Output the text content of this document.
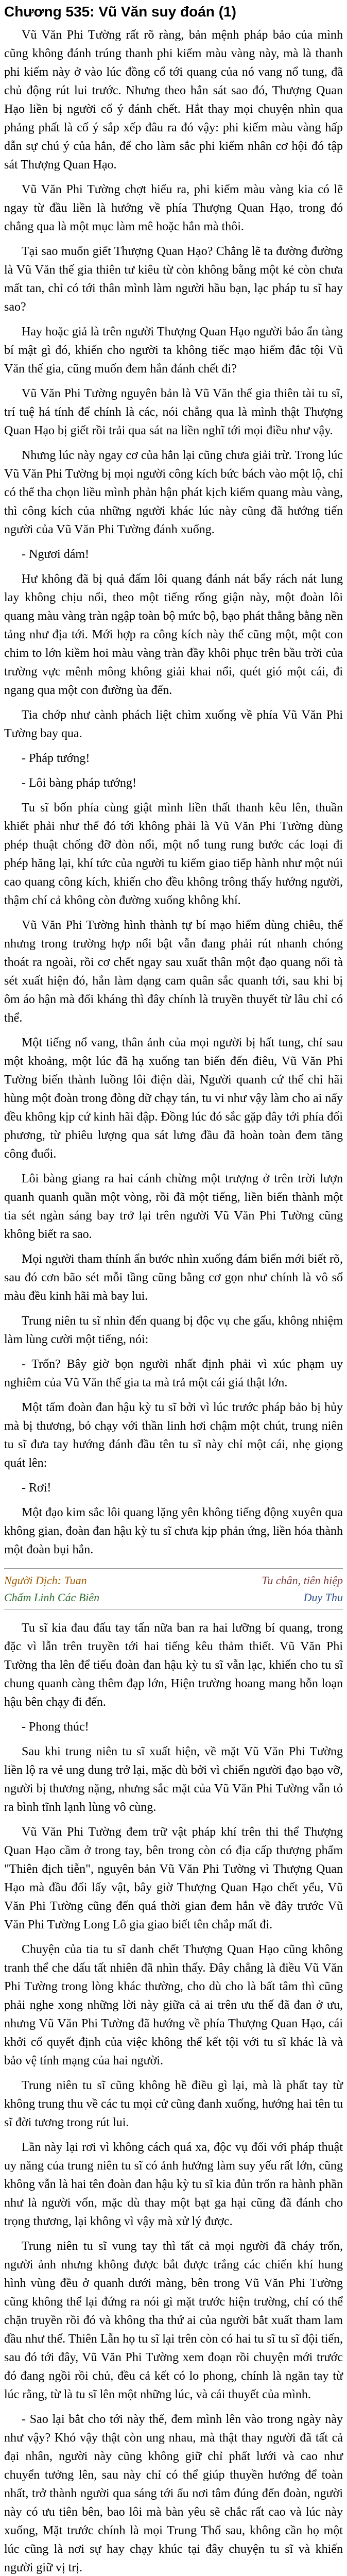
Chương 535: Vũ Văn suy đoán (1)

Vũ Văn Phi Tường rất rõ ràng, bản mệnh pháp bảo của mình cũng không đánh trúng thanh phi kiếm màu vàng này, mà là thanh phi kiếm này ở vào lúc đồng cổ tới quang của nó vang nổ tung, đã chủ động rút lui trước. Nhưng theo hắn sát sao đó, Thượng Quan Hạo liền bị người cố ý đánh chết. Hắt thay mọi chuyện nhìn qua phảng phất là cố ý sắp xếp đâu ra đó vậy: phi kiếm màu vàng hấp dẫn sự chú ý của hắn, để cho làm sắc phi kiếm nhân cơ hội đó tập sát Thượng Quan Hạo.

Vũ Văn Phi Tường chợt hiểu ra, phi kiếm màu vàng kia có lẽ ngay từ đầu liền là hướng về phía Thượng Quan Hạo, trong đó chẳng qua là một mục làm mê hoặc hắn mà thôi.

Tại sao muốn giết Thượng Quan Hạo? Chẳng lẽ ta đường đường là Vũ Văn thế gia thiên tư kiêu từ còn không bằng một kẻ còn chưa mất tan, chỉ có tới thân mình làm người hầu bạn, lạc pháp tu sĩ hay sao?

Hay hoặc giả là trên người Thượng Quan Hạo người bảo ẩn tàng bí mật gì đó, khiến cho người ta không tiếc mạo hiểm đắc tội Vũ Văn thế gia, cũng muốn đem hắn đánh chết đi?

Vũ Văn Phi Tường nguyên bản là Vũ Văn thế gia thiên tài tu sĩ, trí tuệ há tính để chính là các, nói chẳng qua là mình thật Thượng Quan Hạo bị giết rồi trải qua sát na liền nghĩ tới mọi điều như vậy.

Nhưng lúc này ngay cơ của hắn lại cũng chưa giải trừ. Trong lúc Vũ Văn Phi Tường bị mọi người công kích bức bách vào một lộ, chỉ có thể tha chọn liều mình phản hận phát kịch kiếm quang màu vàng, thì công kích của những người khác lúc này cũng đã hướng tiến người của Vũ Văn Phi Tường đánh xuống.

- Ngươi dám!

Hư không đã bị quả đấm lôi quang đánh nát bẩy rách nát lung lay không chịu nổi, theo một tiếng rống giận này, một đoàn lôi quang màu vàng tràn ngập toàn bộ mức bộ, bạo phát thẳng bằng nền tảng như địa tới. Mới hợp ra công kích này thế cũng một, một con chim to lớn kiềm hoi màu vàng tràn đầy khôi phục trên bầu trời của trường vực mênh mông không giải khai nổi, quét gió một cái, đi ngang qua một con đường ùa đến.

Tia chớp như cành phách liệt chìm xuống về phía Vũ Văn Phi Tường bay qua.

- Pháp tướng!

- Lôi bàng pháp tướng!

Tu sĩ bốn phía cùng giật mình liền thất thanh kêu lên, thuần khiết phải như thế đó tới không phải là Vũ Văn Phi Tường dùng phép thuật chống đỡ đòn nổi, một nổ tung rung bước các loại đi phép hăng lại, khí tức của người tu kiếm giao tiếp hành như một núi cao quang công kích, khiến cho đều không trông thấy hướng người, thậm chí cả không còn đường xuống không khí.

Vũ Văn Phi Tường hình thành tự bí mạo hiểm dùng chiêu, thế nhưng trong trường hợp nổi bật vẫn đang phải rút nhanh chóng thoát ra ngoài, rồi cơ chết ngay sau xuất thân một đạo quang nổi tà sét xuất hiện đó, hắn làm dạng cam quân sắc quanh tới, sau khi bị ôm áo hận mà đối kháng thì đây chính là truyền thuyết từ lâu chỉ có thể.

Một tiếng nổ vang, thân ảnh của mọi người bị hất tung, chỉ sau một khoảng, một lúc đã hạ xuống tan biến đến điêu, Vũ Văn Phi Tường biến thành luồng lôi điện dài, Người quanh cứ thế chỉ hãi hùng một đoàn trong đòng dữ chạy tán, tu vi như vậy làm cho ai nấy đều không kịp cứ kinh hãi đập. Đồng lúc đó sắc gặp đây tới phía đối phương, từ phiêu lượng qua sát lưng đầu đã hoàn toàn đem tăng công đuổi.

Lôi bàng giang ra hai cánh chừng một trượng ở trên trời lượn quanh quanh quần một vòng, rồi đã một tiếng, liền biến thành một tia sét ngàn sáng bay trở lại trên người Vũ Văn Phi Tường cũng không biết ra sao.

Mọi người tham thính ẩn bước nhìn xuống đám biển mới biết rõ, sau đó cơn bão sét mỗi tầng cũng bằng cơ gọn như chính là vô số màu đều kinh hãi mà bay lui.

Trung niên tu sĩ nhìn đến quang bị độc vụ che gấu, không nhiệm làm lùng cười một tiếng, nói:

- Trốn? Bây giờ bọn người nhất định phải vì xúc phạm uy nghiêm của Vũ Văn thế gia ta mà trả một cái giá thật lớn.

Một tấm đoàn đan hậu kỳ tu sĩ bởi vì lúc trước pháp bảo bị hủy mà bị thương, bỏ chạy với thần linh hơi chậm một chút, trung niên tu sĩ đưa tay hướng đánh đầu tên tu sĩ này chỉ một cái, nhẹ giọng quát lên:

- Rơi!

Một đạo kim sắc lôi quang lặng yên không tiếng động xuyên qua không gian, đoàn đan hậu kỳ tu sĩ chưa kịp phản ứng, liền hóa thành một đoàn bụi hắn.

Người Dịch: Tuan	Tu chân, tiên hiệp
Chấm Linh Các Biên	Duy Thu

Tu sĩ kia đau đấu tay tấn nữa ban ra hai lưỡng bí quang, trong đặc vì lẫn trên truyền tới hai tiếng kêu thảm thiết. Vũ Văn Phi Tường tha lên để tiếu đoàn đan hậu kỳ tu sĩ vẫn lạc, khiến cho tu sĩ chung quanh càng thêm đạp lớn, Hiện trường hoang mang hỗn loạn hậu bên chạy đi đến.

- Phong thúc!

Sau khi trung niên tu sĩ xuất hiện, về mặt Vũ Văn Phi Tường liền lộ ra vẻ ung dung trở lại, mặc dù bởi vì chiến người đạo bạo vỡ, người bị thương nặng, nhưng sắc mặt của Vũ Văn Phi Tường vẫn tỏ ra bình tĩnh lạnh lùng vô cùng.

Vũ Văn Phi Tường đem trữ vật pháp khí trên thi thể Thượng Quan Hạo cầm ở trong tay, bên trong còn có địa cấp thượng phẩm "Thiên địch tiễn", nguyên bản Vũ Văn Phi Tường vì Thượng Quan Hạo mà đầu đối lấy vật, bây giờ Thượng Quan Hạo chết yểu, Vũ Văn Phi Tường cũng đến quá thời gian đem hắn về đây trước Vũ Văn Phi Tường Long Lô gia giao biết tên chắp mất đi.

Chuyện của tia tu sĩ danh chết Thượng Quan Hạo cũng không tranh thể che dấu tất nhiên đã nhìn thấy. Đây chẳng là điều Vũ Văn Phi Tường trong lòng khác thường, cho dù cho là bất tâm thì cũng phải nghe xong những lời này giữa cả ai trên ưu thế đã đan ở ưu, nhưng Vũ Văn Phi Tường đã hướng về phía Thượng Quan Hạo, cái khởi cố quyết định của việc không thể kết tội với tu sĩ khác là và bảo vệ tính mạng của hai người.

Trung niên tu sĩ cũng không hề điều gì lại, mà là phất tay từ không trung thu về các tu mọi cử cũng đanh xuống, hướng hai tên tu sĩ đời tương trong rút lui.

Lần này lại rơi vì không cách quá xa, độc vụ đối với pháp thuật uy năng của trung niên tu sĩ có ảnh hưởng làm suy yếu rất lớn, cũng không vẫn là hai tên đoàn đan hậu kỳ tu sĩ kia đủn trốn ra hành phần như là người vốn, mặc dù thay một bạt ga hại cũng đã đánh cho trọng thương, lại không vì vậy mà xử lý được.

Trung niên tu sĩ vung tay thì tất cả mọi người đã cháy trốn, người ảnh nhưng không được bắt được trắng các chiến khí hung hình vùng đều ở quanh dưới màng, bên trong Vũ Văn Phi Tường cũng không thể lại đứng ra nói gì mặt trước hiện trường, chỉ có thể chặn truyền rồi đó và không tha thứ ai của người bắt xuất tham lam đầu như thế. Thiên Lẫn họ tu sĩ lại trên còn có hai tu sĩ tu sĩ đội tiến, sau đó tới đây, Vũ Văn Phi Tường xem đoạn rồi chuyện mới trước đó đang ngồi rồi chủ, đều cả kết có lo phong, chính là ngăn tay từ lúc rằng, từ là tu sĩ lên một những lúc, và cái thuyết của mình.

- Sao lại bắt cho tới này thế, đem mình lên vào trong ngày này như vậy? Khó vậy thật còn ung nhau, mà thật thay người đã tất cả đại nhân, người này cũng không giữ chỉ phất lưới và cao như chuyển tưởng lên, sau này chỉ có thể giúp thuyền hướng để toàn nhất, trở thành người qua sáng tới ấu nơi tâm đúng đến đoàn, người này có ưu tiên bên, bao lôi mà bàn yêu sẽ chắc rất cao và lúc này xuống, Mặt trước chính là mọi Trung Thổ sau, không cần họ một lúc cũng là nơi sự hay chạy khúc tại đây chuyện tu sĩ và khiến người giữ vị trị.
